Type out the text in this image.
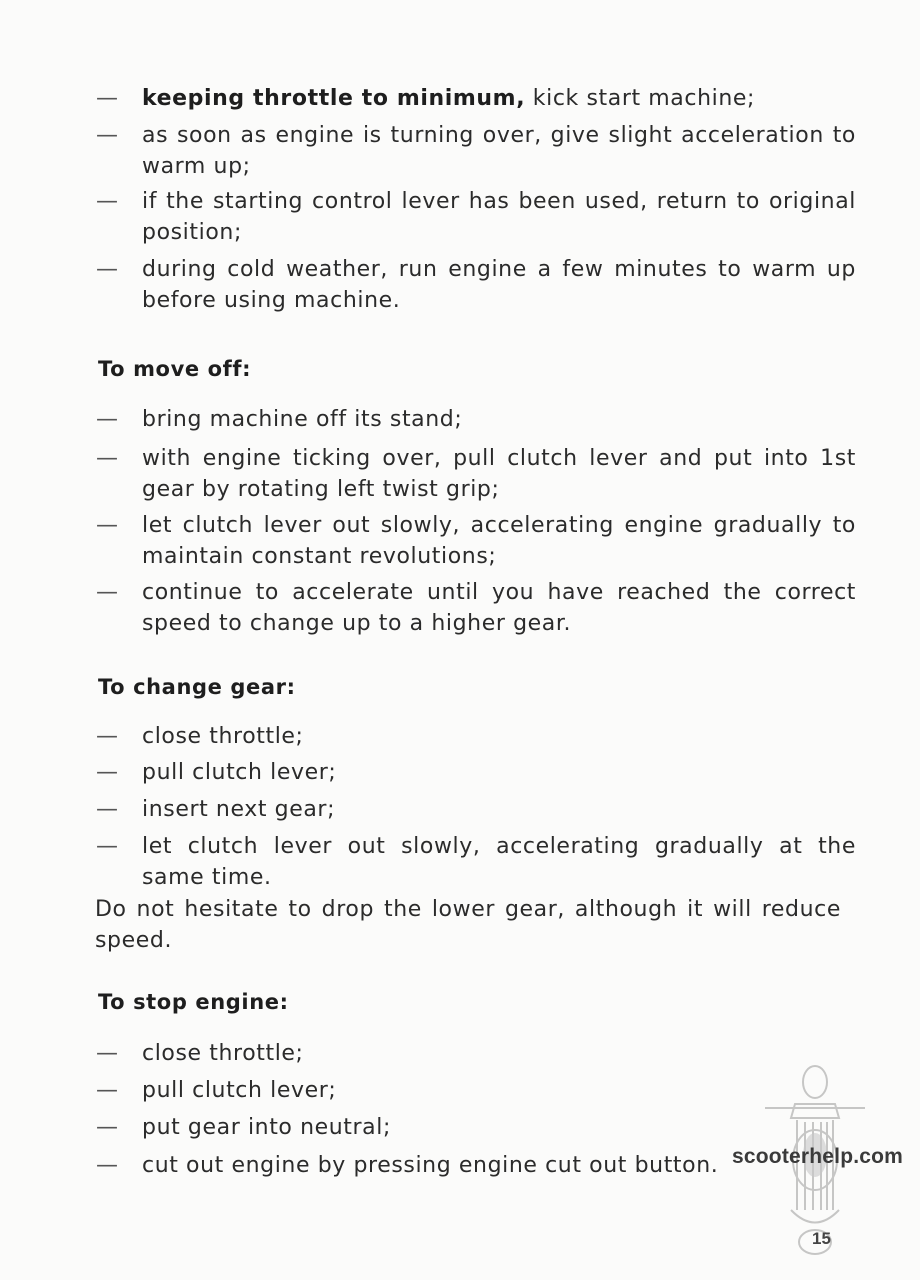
—	keeping throttle to minimum, kick start machine;
—	as soon as engine is turning over, give slight acceleration to warm up;
—	if the starting control lever has been used, return to original position;
—	during cold weather, run engine a few minutes to warm up before using machine.
To move off:
—	bring machine off its stand;
—	with engine ticking over, pull clutch lever and put into 1st gear by rotating left twist grip;
—	let clutch lever out slowly, accelerating engine gradually to maintain constant revolutions;
—	continue to accelerate until you have reached the correct speed to change up to a higher gear.
To change gear:
—	close throttle;
—	pull clutch lever;
—	insert next gear;
—	let clutch lever out slowly, accelerating gradually at the same time.
Do not hesitate to drop the lower gear, although it will reduce speed.
To stop engine:
—	close throttle;
—	pull clutch lever;
—	put gear into neutral;
—	cut out engine by pressing engine cut out button. scooterhelp.com
15
